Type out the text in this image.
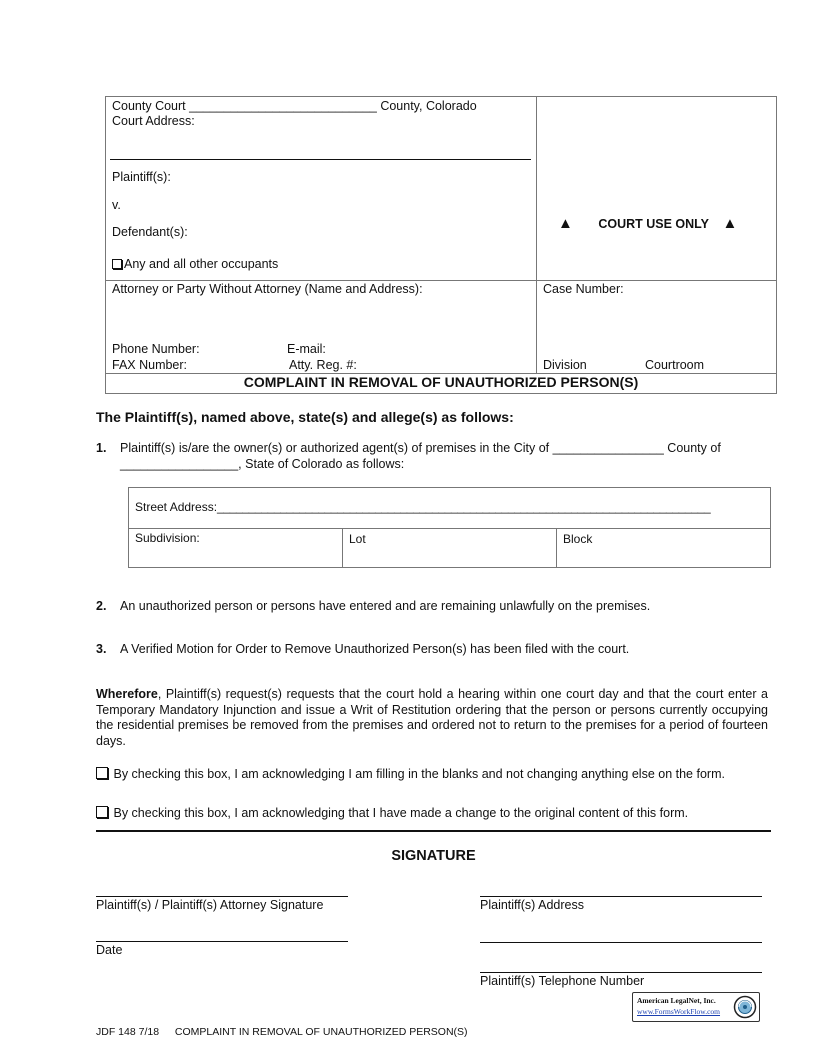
County Court ___________________________ County, Colorado
Court Address:
Plaintiff(s):
v.
Defendant(s):
Any and all other occupants
▲ COURT USE ONLY ▲
Attorney or Party Without Attorney (Name and Address):
Phone Number:	E-mail:
FAX Number:	Atty. Reg. #:
Case Number:
Division	Courtroom
COMPLAINT IN REMOVAL OF UNAUTHORIZED PERSON(S)
The Plaintiff(s), named above, state(s) and allege(s) as follows:
1. Plaintiff(s) is/are the owner(s) or authorized agent(s) of premises in the City of ________________ County of
_________________, State of Colorado as follows:
Street Address:______________________________________________________________________________
Subdivision:	Lot	Block
2. An unauthorized person or persons have entered and are remaining unlawfully on the premises.
3. A Verified Motion for Order to Remove Unauthorized Person(s) has been filed with the court.
Wherefore, Plaintiff(s) request(s) requests that the court hold a hearing within one court day and that the court enter a Temporary Mandatory Injunction and issue a Writ of Restitution ordering that the person or persons currently occupying the residential premises be removed from the premises and ordered not to return to the premises for a period of fourteen days.
By checking this box, I am acknowledging I am filling in the blanks and not changing anything else on the form.
By checking this box, I am acknowledging that I have made a change to the original content of this form.
SIGNATURE
Plaintiff(s) / Plaintiff(s) Attorney Signature
Date
Plaintiff(s) Address
Plaintiff(s) Telephone Number
American LegalNet, Inc.
www.FormsWorkFlow.com
JDF 148 7/18 COMPLAINT IN REMOVAL OF UNAUTHORIZED PERSON(S)
